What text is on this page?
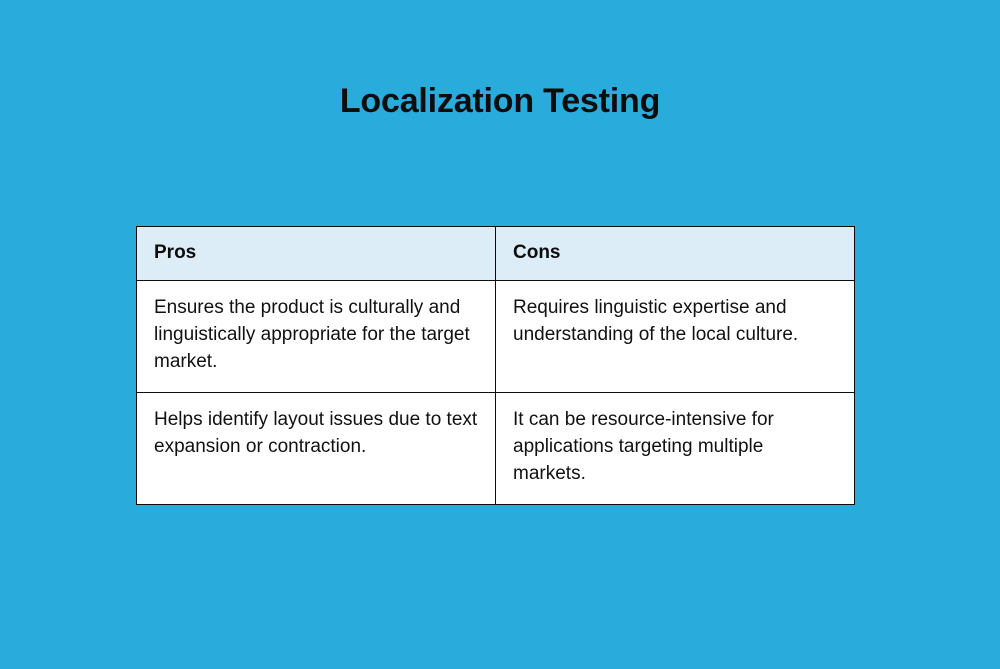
Localization Testing
Pros	Cons
Ensures the product is culturally and linguistically appropriate for the target market.	Requires linguistic expertise and understanding of the local culture.
Helps identify layout issues due to text expansion or contraction.	It can be resource-intensive for applications targeting multiple markets.
